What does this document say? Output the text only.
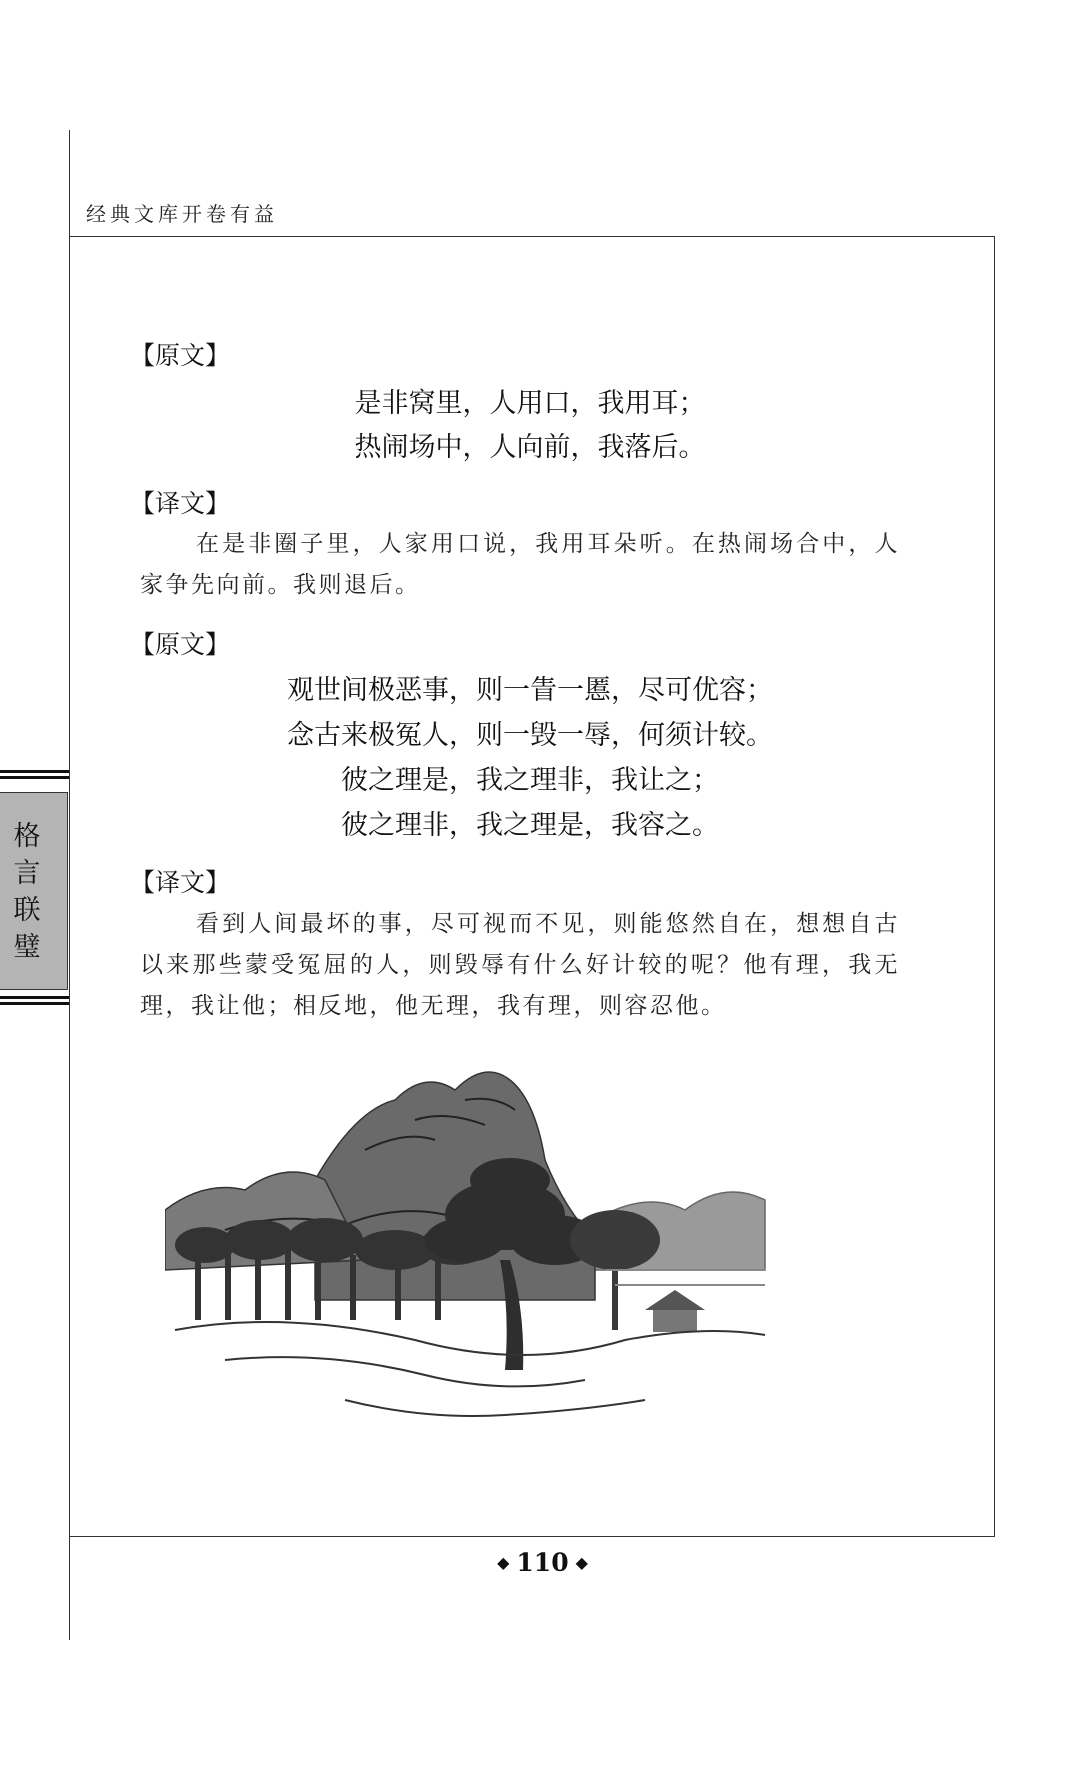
经典文库开卷有益
格
言
联
璧
【原文】
是非窝里，人用口，我用耳；
热闹场中，人向前，我落后。
【译文】
在是非圈子里，人家用口说，我用耳朵听。在热闹场合中，人家争先向前。我则退后。
【原文】
观世间极恶事，则一眚一慝，尽可优容；
念古来极冤人，则一毁一辱，何须计较。
彼之理是，我之理非，我让之；
彼之理非，我之理是，我容之。
【译文】
看到人间最坏的事，尽可视而不见，则能悠然自在，想想自古以来那些蒙受冤屈的人，则毁辱有什么好计较的呢？他有理，我无理，我让他；相反地，他无理，我有理，则容忍他。
◆ 110 ◆
